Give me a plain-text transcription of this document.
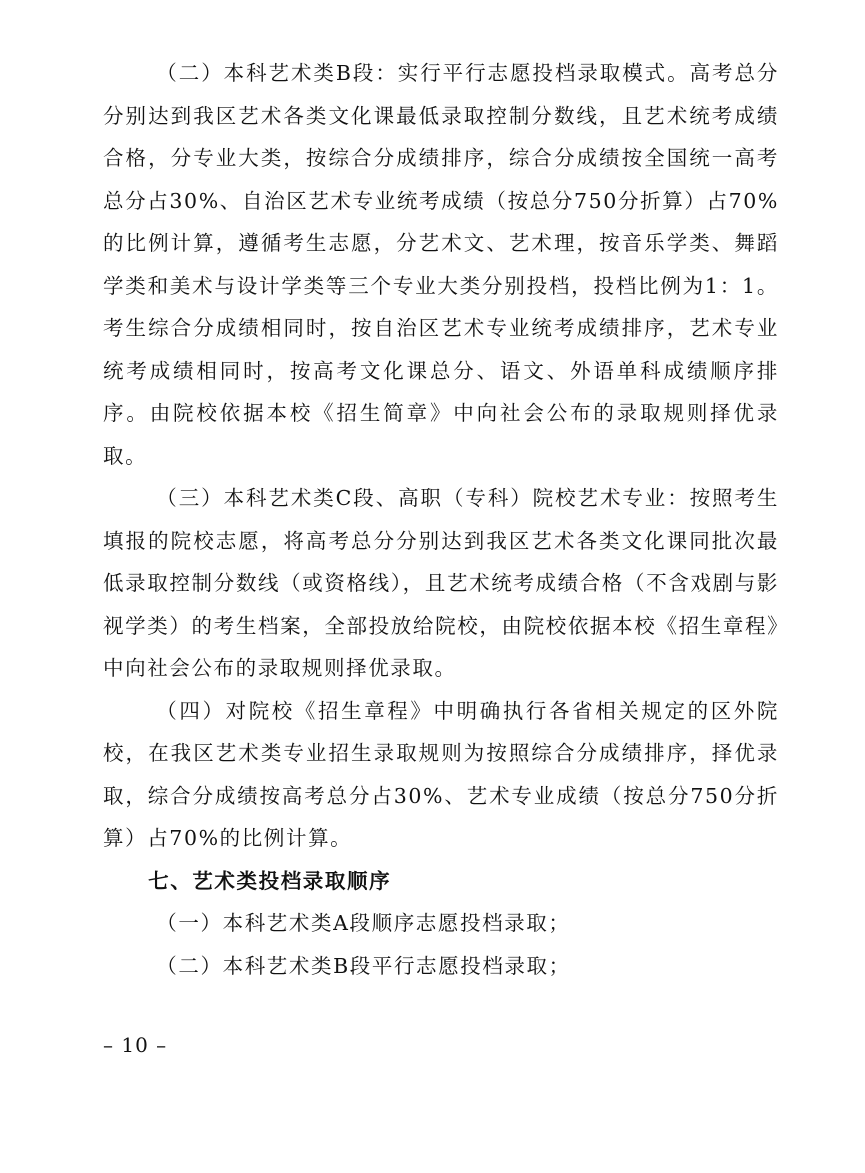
（二）本科艺术类B段：实行平行志愿投档录取模式。高考总分分别达到我区艺术各类文化课最低录取控制分数线，且艺术统考成绩合格，分专业大类，按综合分成绩排序，综合分成绩按全国统一高考总分占30%、自治区艺术专业统考成绩（按总分750分折算）占70%的比例计算，遵循考生志愿，分艺术文、艺术理，按音乐学类、舞蹈学类和美术与设计学类等三个专业大类分别投档，投档比例为1：1。考生综合分成绩相同时，按自治区艺术专业统考成绩排序，艺术专业统考成绩相同时，按高考文化课总分、语文、外语单科成绩顺序排序。由院校依据本校《招生简章》中向社会公布的录取规则择优录取。

（三）本科艺术类C段、高职（专科）院校艺术专业：按照考生填报的院校志愿，将高考总分分别达到我区艺术各类文化课同批次最低录取控制分数线（或资格线），且艺术统考成绩合格（不含戏剧与影视学类）的考生档案，全部投放给院校，由院校依据本校《招生章程》中向社会公布的录取规则择优录取。

（四）对院校《招生章程》中明确执行各省相关规定的区外院校，在我区艺术类专业招生录取规则为按照综合分成绩排序，择优录取，综合分成绩按高考总分占30%、艺术专业成绩（按总分750分折算）占70%的比例计算。

七、艺术类投档录取顺序

（一）本科艺术类A段顺序志愿投档录取；

（二）本科艺术类B段平行志愿投档录取；

– 10 –
